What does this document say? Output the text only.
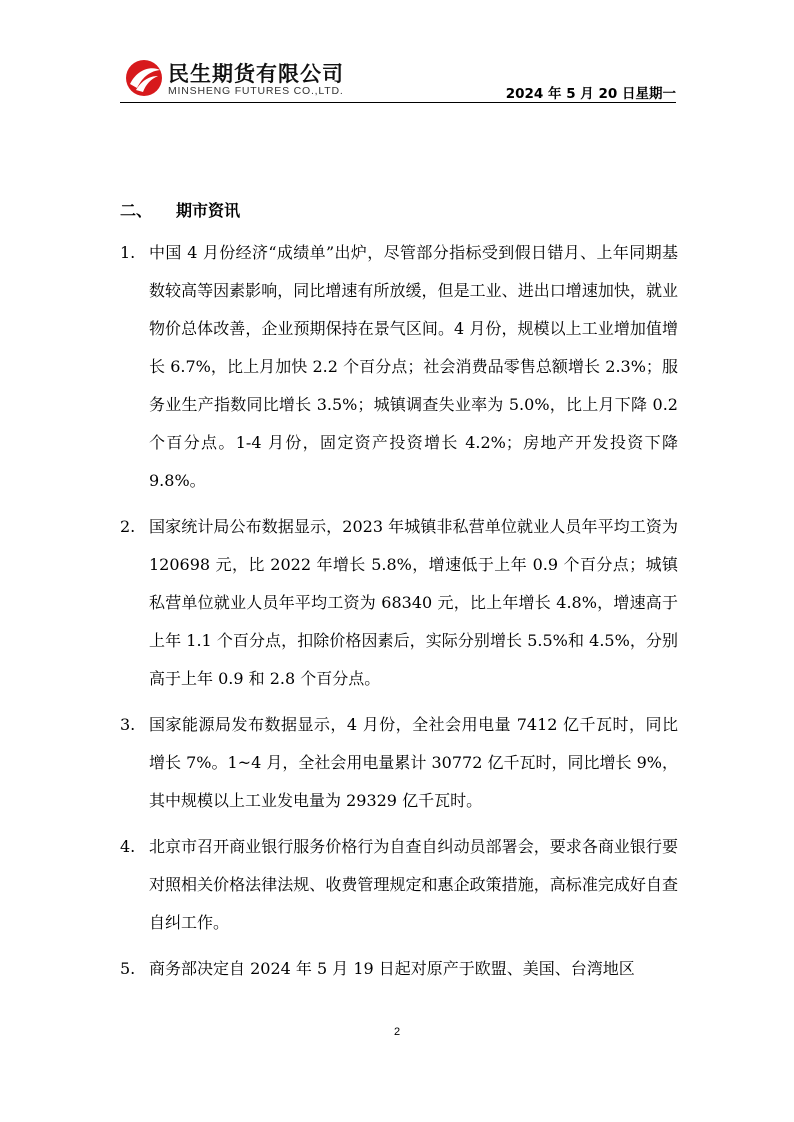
民生期货有限公司
MINSHENG FUTURES CO.,LTD.	2024 年 5 月 20 日星期一
二、 期市资讯
1. 中国 4 月份经济“成绩单”出炉，尽管部分指标受到假日错月、上年同期基数较高等因素影响，同比增速有所放缓，但是工业、进出口增速加快，就业物价总体改善，企业预期保持在景气区间。4 月份，规模以上工业增加值增长 6.7%，比上月加快 2.2 个百分点；社会消费品零售总额增长 2.3%；服务业生产指数同比增长 3.5%；城镇调查失业率为 5.0%，比上月下降 0.2 个百分点。1-4 月份，固定资产投资增长 4.2%；房地产开发投资下降 9.8%。
2. 国家统计局公布数据显示，2023 年城镇非私营单位就业人员年平均工资为 120698 元，比 2022 年增长 5.8%，增速低于上年 0.9 个百分点；城镇私营单位就业人员年平均工资为 68340 元，比上年增长 4.8%，增速高于上年 1.1 个百分点，扣除价格因素后，实际分别增长 5.5%和 4.5%，分别高于上年 0.9 和 2.8 个百分点。
3. 国家能源局发布数据显示，4 月份，全社会用电量 7412 亿千瓦时，同比增长 7%。1~4 月，全社会用电量累计 30772 亿千瓦时，同比增长 9%，其中规模以上工业发电量为 29329 亿千瓦时。
4. 北京市召开商业银行服务价格行为自查自纠动员部署会，要求各商业银行要对照相关价格法律法规、收费管理规定和惠企政策措施，高标准完成好自查自纠工作。
5. 商务部决定自 2024 年 5 月 19 日起对原产于欧盟、美国、台湾地区
2
